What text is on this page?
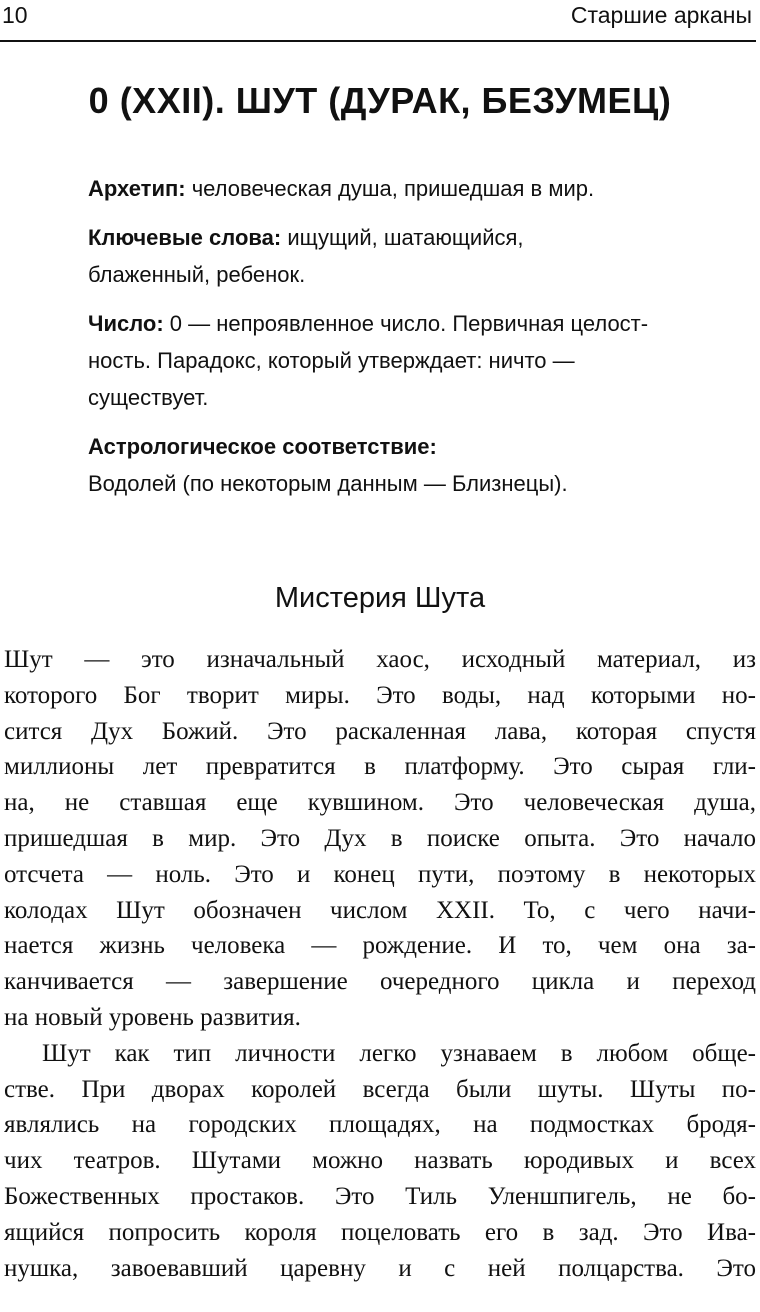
10	Старшие арканы
0 (XXII). ШУТ (ДУРАК, БЕЗУМЕЦ)
Архетип: человеческая душа, пришедшая в мир.
Ключевые слова: ищущий, шатающийся,
блаженный, ребенок.
Число: 0 — непроявленное число. Первичная целост-
ность. Парадокс, который утверждает: ничто —
существует.
Астрологическое соответствие:
Водолей (по некоторым данным — Близнецы).
Мистерия Шута

Шут — это изначальный хаос, исходный материал, из
которого Бог творит миры. Это воды, над которыми но-
сится Дух Божий. Это раскаленная лава, которая спустя
миллионы лет превратится в платформу. Это сырая гли-
на, не ставшая еще кувшином. Это человеческая душа,
пришедшая в мир. Это Дух в поиске опыта. Это начало
отсчета — ноль. Это и конец пути, поэтому в некоторых
колодах Шут обозначен числом XXII. То, с чего начи-
нается жизнь человека — рождение. И то, чем она за-
канчивается — завершение очередного цикла и переход

на новый уровень развития.

Шут как тип личности легко узнаваем в любом обще-
стве. При дворах королей всегда были шуты. Шуты по-
являлись на городских площадях, на подмостках бродя-
чих театров. Шутами можно назвать юродивых и всех
Божественных простаков. Это Тиль Уленшпигель, не бо-
ящийся попросить короля поцеловать его в зад. Это Ива-
нушка, завоевавший царевну и с ней полцарства. Это
